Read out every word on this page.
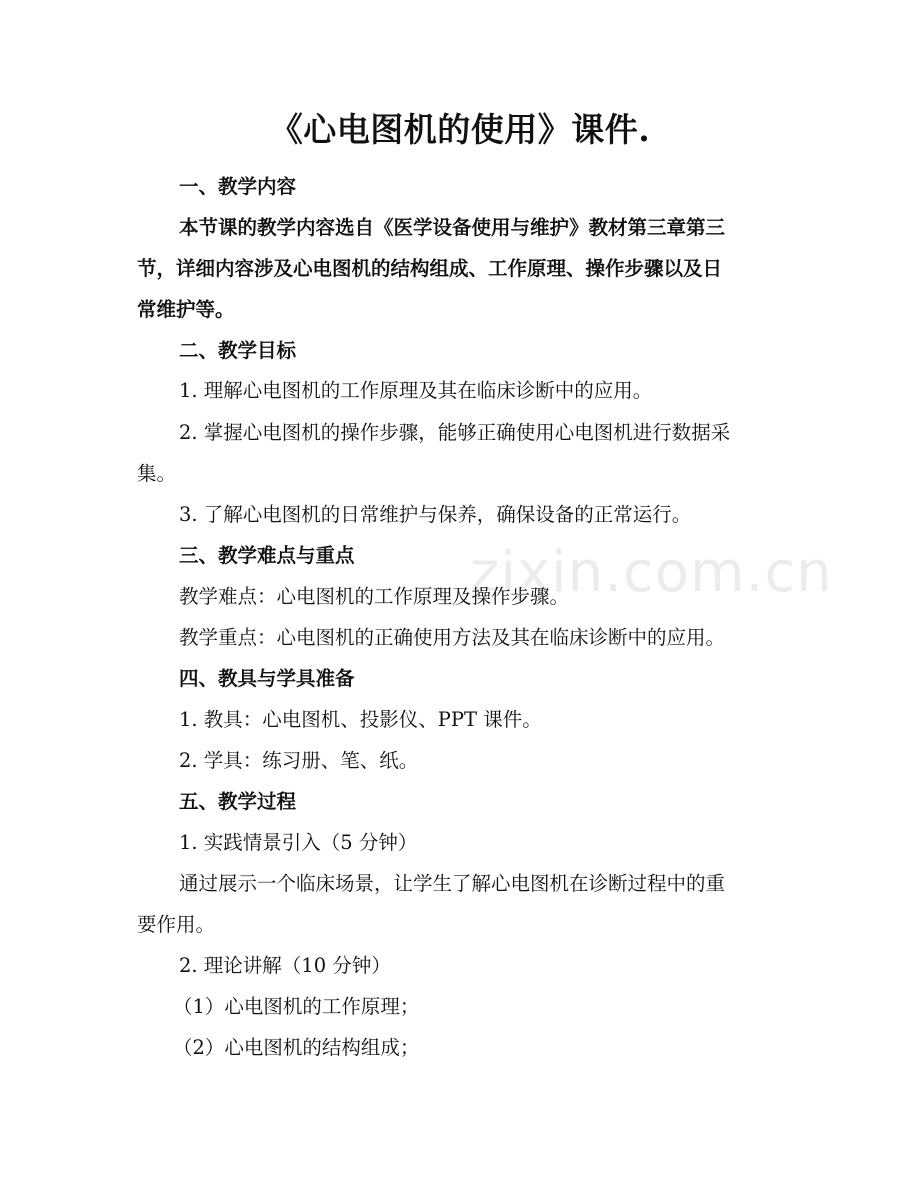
《心电图机的使用》课件.
一、教学内容
本节课的教学内容选自《医学设备使用与维护》教材第三章第三
节，详细内容涉及心电图机的结构组成、工作原理、操作步骤以及日
常维护等。
二、教学目标
1. 理解心电图机的工作原理及其在临床诊断中的应用。
2. 掌握心电图机的操作步骤，能够正确使用心电图机进行数据采
集。
3. 了解心电图机的日常维护与保养，确保设备的正常运行。
三、教学难点与重点
教学难点：心电图机的工作原理及操作步骤。
教学重点：心电图机的正确使用方法及其在临床诊断中的应用。
四、教具与学具准备
1. 教具：心电图机、投影仪、PPT 课件。
2. 学具：练习册、笔、纸。
五、教学过程
1. 实践情景引入（5 分钟）
通过展示一个临床场景，让学生了解心电图机在诊断过程中的重
要作用。
2. 理论讲解（10 分钟）
（1）心电图机的工作原理；
（2）心电图机的结构组成；
zixin.com.cn
